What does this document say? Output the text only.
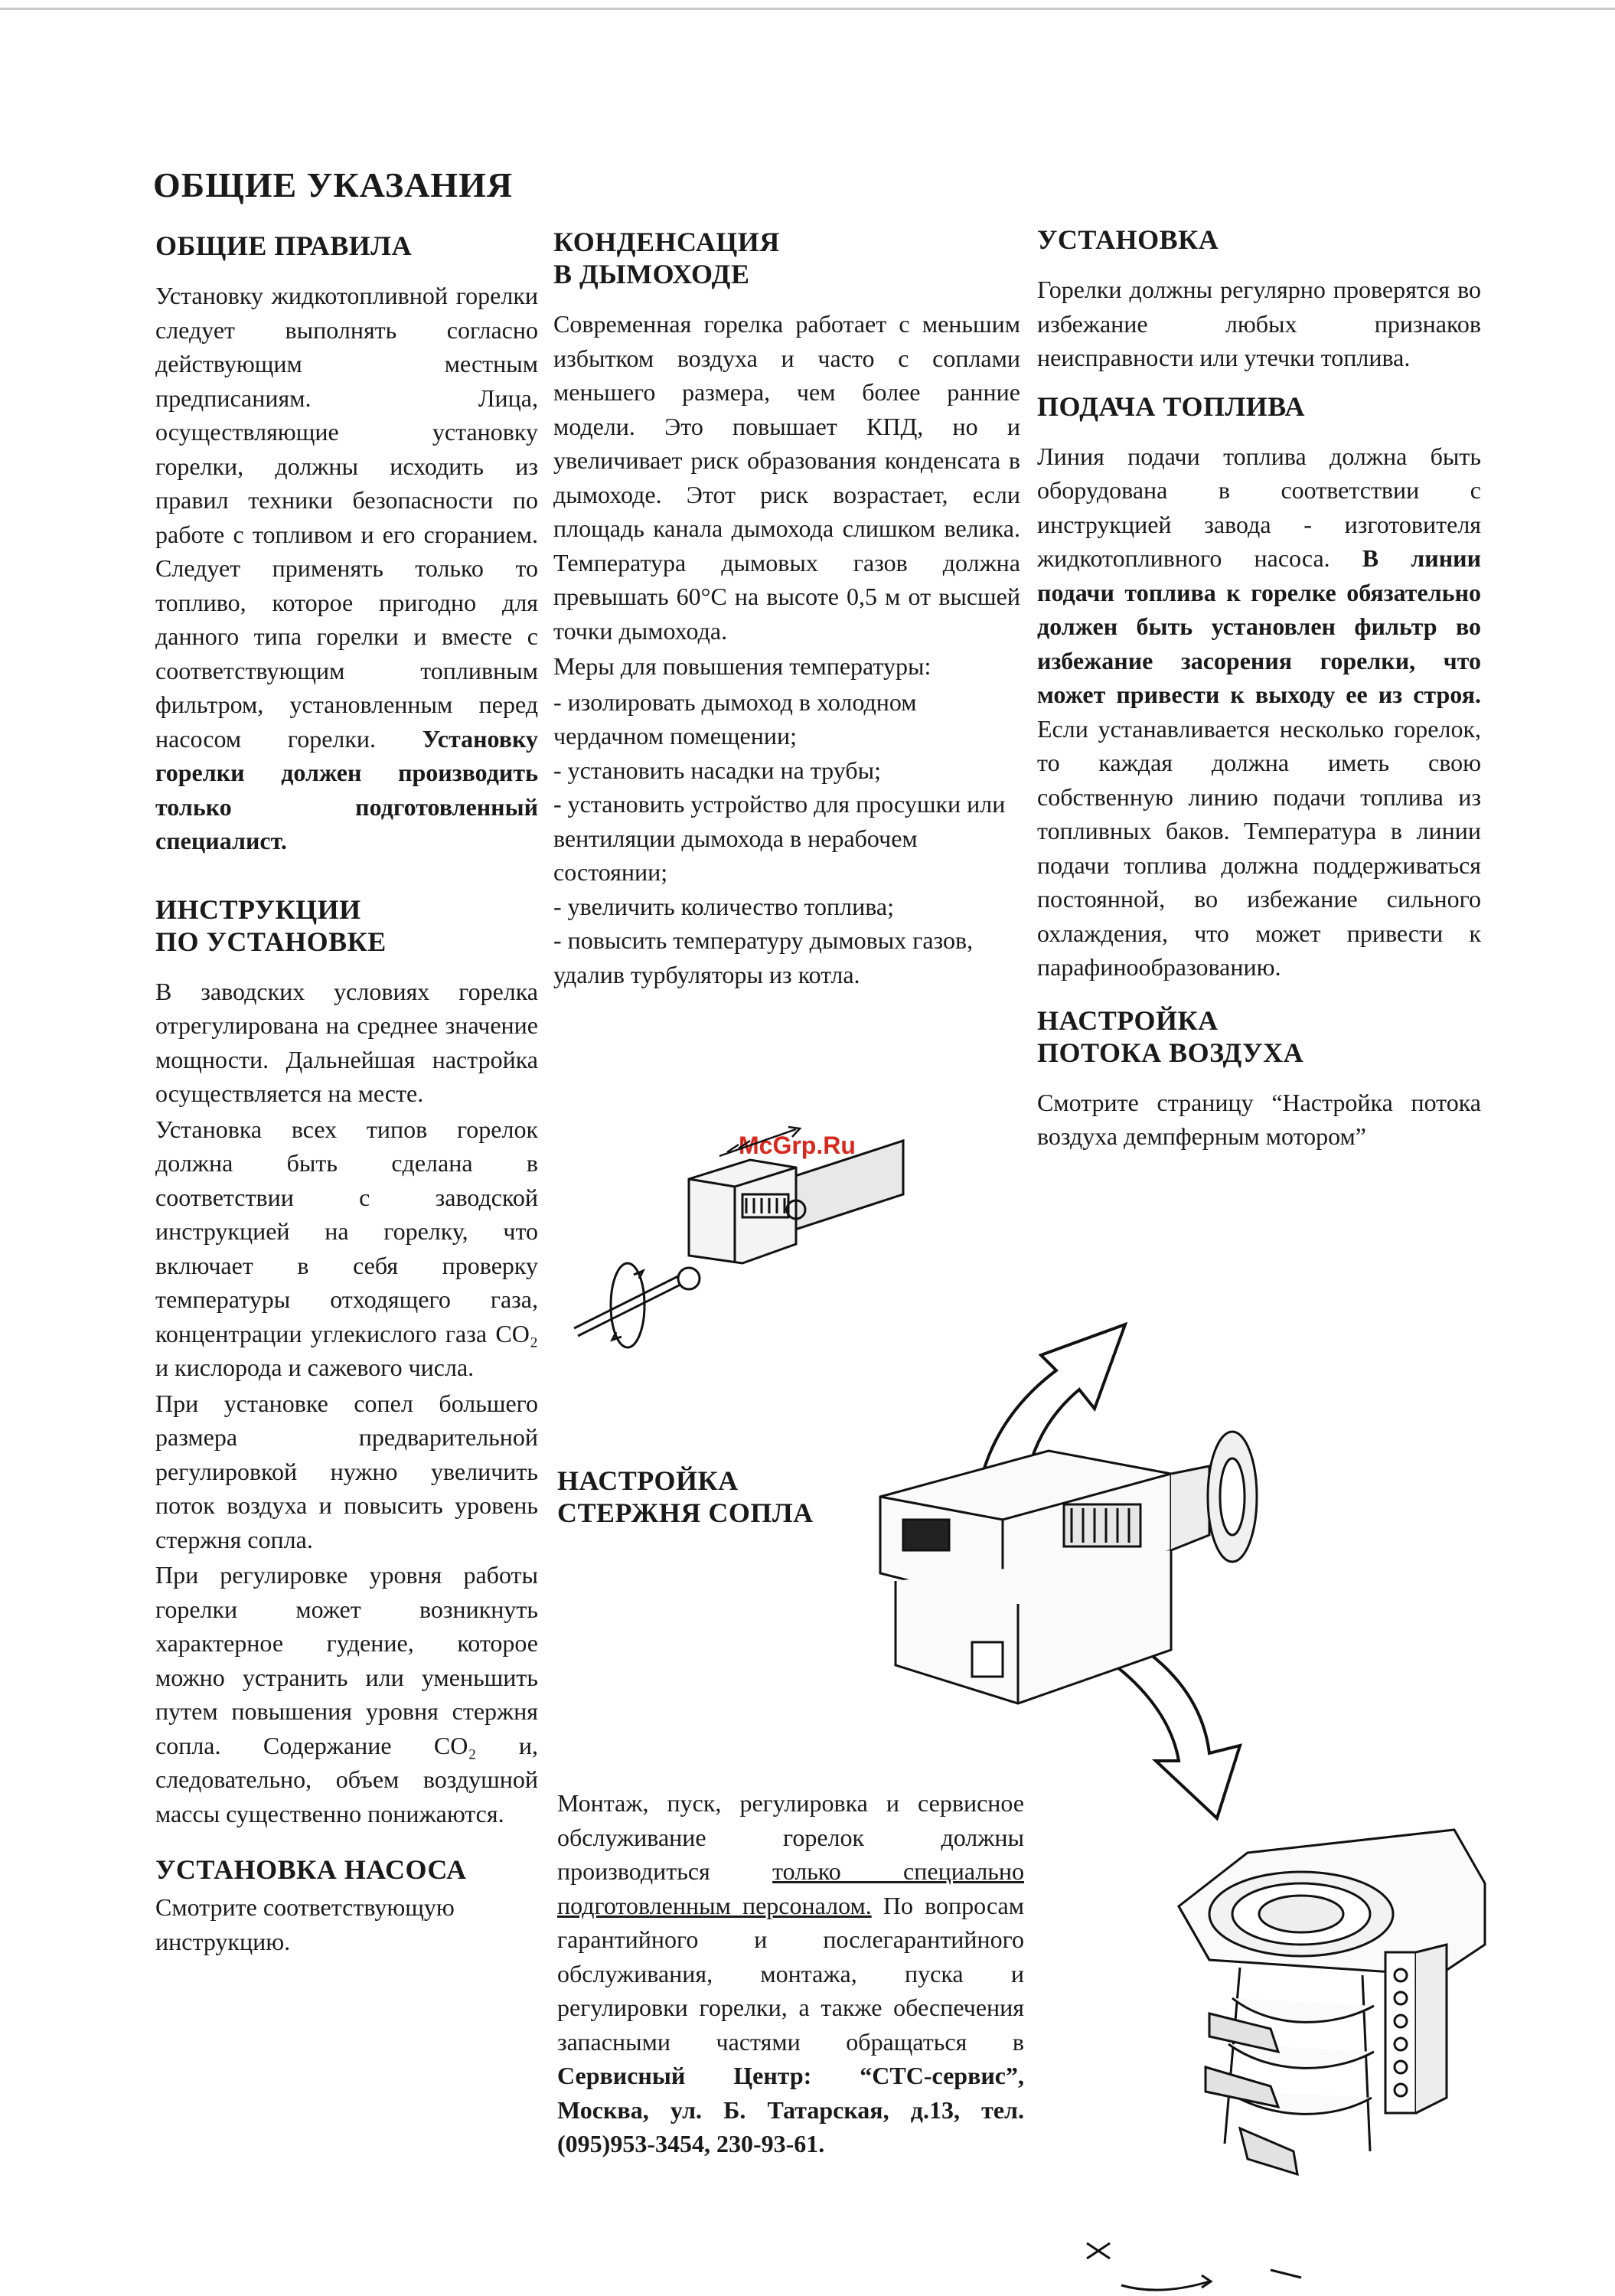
ОБЩИЕ УКАЗАНИЯ
ОБЩИЕ ПРАВИЛА

Установку жидкотопливной горелки следует выполнять согласно действующим местным предписаниям. Лица, осуществляющие установку горелки, должны исходить из правил техники безопасности по работе с топливом и его сгоранием. Следует применять только то топливо, которое пригодно для данного типа горелки и вместе с соответствующим топливным фильтром, установленным перед насосом горелки. Установку горелки должен производить только подготовленный специалист.

ИНСТРУКЦИИ
ПО УСТАНОВКЕ

В заводских условиях горелка отрегулирована на среднее значение мощности. Дальнейшая настройка осуществляется на месте.

Установка всех типов горелок должна быть сделана в соответствии с заводской инструкцией на горелку, что включает в себя проверку температуры отходящего газа, концентрации углекислого газа CO₂ и кислорода и сажевого числа.

При установке сопел большего размера предварительной регулировкой нужно увеличить поток воздуха и повысить уровень стержня сопла.

При регулировке уровня работы горелки может возникнуть характерное гудение, которое можно устранить или уменьшить путем повышения уровня стержня сопла. Содержание CO₂ и, следовательно, объем воздушной массы существенно понижаются.

УСТАНОВКА НАСОСА

Смотрите соответствующую инструкцию.

КОНДЕНСАЦИЯ
В ДЫМОХОДЕ

Современная горелка работает с меньшим избытком воздуха и часто с соплами меньшего размера, чем более ранние модели. Это повышает КПД, но и увеличивает риск образования конденсата в дымоходе. Этот риск возрастает, если площадь канала дымохода слишком велика. Температура дымовых газов должна превышать 60°С на высоте 0,5 м от высшей точки дымохода.

Меры для повышения температуры:

- изолировать дымоход в холодном чердачном помещении;
- установить насадки на трубы;
- установить устройство для просушки или вентиляции дымохода в нерабочем состоянии;
- увеличить количество топлива;
- повысить температуру дымовых газов, удалив турбуляторы из котла.
НАСТРОЙКА
СТЕРЖНЯ СОПЛА

Монтаж, пуск, регулировка и сервисное обслуживание горелок должны производиться только специально подготовленным персоналом. По вопросам гарантийного и послегарантийного обслуживания, монтажа, пуска и регулировки горелки, а также обеспечения запасными частями обращаться в Сервисный Центр: “СТС-сервис”, Москва, ул. Б. Татарская, д.13, тел. (095)953-3454, 230-93-61.

УСТАНОВКА

Горелки должны регулярно проверятся во избежание любых признаков неисправности или утечки топлива.

ПОДАЧА ТОПЛИВА

Линия подачи топлива должна быть оборудована в соответствии с инструкцией завода - изготовителя жидкотопливного насоса. В линии подачи топлива к горелке обязательно должен быть установлен фильтр во избежание засорения горелки, что может привести к выходу ее из строя. Если устанавливается несколько горелок, то каждая должна иметь свою собственную линию подачи топлива из топливных баков. Температура в линии подачи топлива должна поддерживаться постоянной, во избежание сильного охлаждения, что может привести к парафинообразованию.

НАСТРОЙКА
ПОТОКА ВОЗДУХА

Смотрите страницу “Настройка потока воздуха демпферным мотором”

McGrp.Ru
